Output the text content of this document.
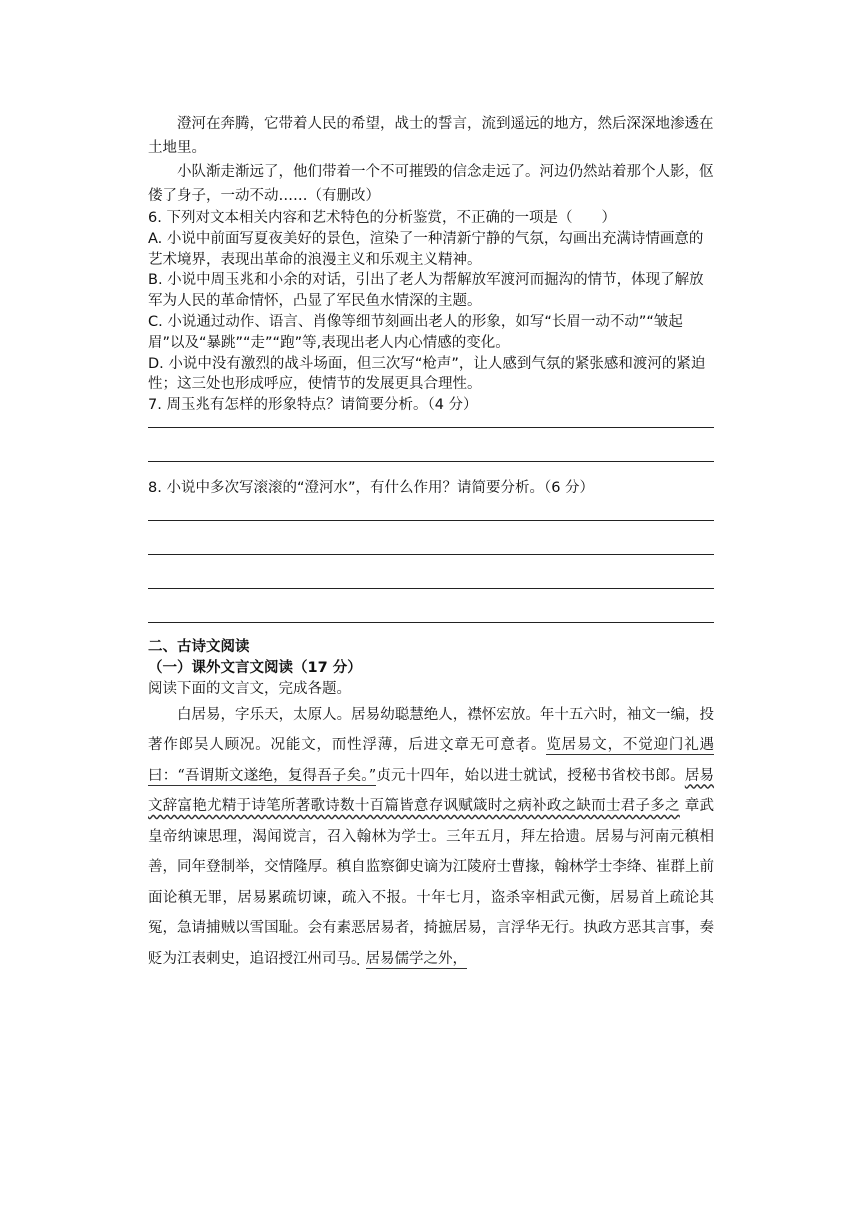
澄河在奔腾，它带着人民的希望，战士的誓言，流到遥远的地方，然后深深地渗透在土地里。

小队渐走渐远了，他们带着一个不可摧毁的信念走远了。河边仍然站着那个人影，伛偻了身子，一动不动……（有删改）

6. 下列对文本相关内容和艺术特色的分析鉴赏，不正确的一项是（　　）

A. 小说中前面写夏夜美好的景色，渲染了一种清新宁静的气氛，勾画出充满诗情画意的艺术境界，表现出革命的浪漫主义和乐观主义精神。

B. 小说中周玉兆和小余的对话，引出了老人为帮解放军渡河而掘沟的情节，体现了解放军为人民的革命情怀，凸显了军民鱼水情深的主题。

C. 小说通过动作、语言、肖像等细节刻画出老人的形象，如写“长眉一动不动”“皱起眉”以及“暴跳”“走”“跑”等,表现出老人内心情感的变化。

D. 小说中没有激烈的战斗场面，但三次写“枪声”，让人感到气氛的紧张感和渡河的紧迫性；这三处也形成呼应，使情节的发展更具合理性。

7. 周玉兆有怎样的形象特点？请简要分析。（4 分）

8. 小说中多次写滚滚的“澄河水”，有什么作用？请简要分析。（6 分）

二、古诗文阅读

（一）课外文言文阅读（17 分）

阅读下面的文言文，完成各题。

白居易，字乐天，太原人。居易幼聪慧绝人，襟怀宏放。年十五六时，袖文一编，投著作郎吴人顾况。况能文，而性浮薄，后进文章无可意者。览居易文，不觉迎门礼遇曰：“吾谓斯文遂绝，复得吾子矣。”贞元十四年，始以进士就试，授秘书省校书郎。居易文辞富艳尤精于诗笔所著歌诗数十百篇皆意存讽赋箴时之病补政之缺而士君子多之 章武皇帝纳谏思理，渴闻谠言，召入翰林为学士。三年五月，拜左拾遗。居易与河南元稹相善，同年登制举，交情隆厚。稹自监察御史谪为江陵府士曹掾，翰林学士李绛、崔群上前面论稹无罪，居易累疏切谏，疏入不报。十年七月，盗杀宰相武元衡，居易首上疏论其冤，急请捕贼以雪国耻。会有素恶居易者，掎摭居易，言浮华无行。执政方恶其言事，奏贬为江表刺史，追诏授江州司马。居易儒学之外，
